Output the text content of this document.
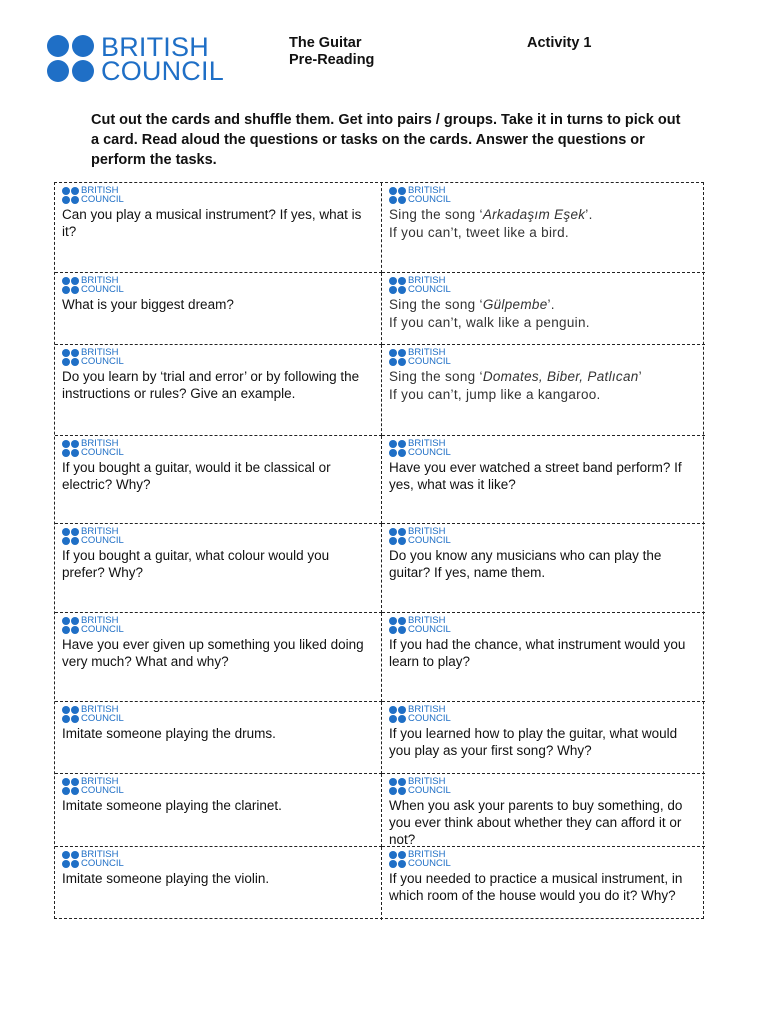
BRITISH
COUNCIL
The Guitar
Pre-Reading
Activity 1
Cut out the cards and shuffle them. Get into pairs / groups. Take it in turns to pick out a card. Read aloud the questions or tasks on the cards. Answer the questions or perform the tasks.
BRITISH
COUNCIL
Can you play a musical instrument? If yes, what is it?
BRITISH
COUNCIL
Sing the song ‘Arkadaşım Eşek’.
If you can’t, tweet like a bird.
BRITISH
COUNCIL
What is your biggest dream?
BRITISH
COUNCIL
Sing the song ‘Gülpembe’.
If you can’t, walk like a penguin.
BRITISH
COUNCIL
Do you learn by ‘trial and error’ or by following the instructions or rules? Give an example.
BRITISH
COUNCIL
Sing the song ‘Domates, Biber, Patlıcan’
If you can’t, jump like a kangaroo.
BRITISH
COUNCIL
If you bought a guitar, would it be classical or electric? Why?
BRITISH
COUNCIL
Have you ever watched a street band perform? If yes, what was it like?
BRITISH
COUNCIL
If you bought a guitar, what colour would you prefer? Why?
BRITISH
COUNCIL
Do you know any musicians who can play the guitar? If yes, name them.
BRITISH
COUNCIL
Have you ever given up something you liked doing very much? What and why?
BRITISH
COUNCIL
If you had the chance, what instrument would you learn to play?
BRITISH
COUNCIL
Imitate someone playing the drums.
BRITISH
COUNCIL
If you learned how to play the guitar, what would you play as your first song? Why?
BRITISH
COUNCIL
Imitate someone playing the clarinet.
BRITISH
COUNCIL
When you ask your parents to buy something, do you ever think about whether they can afford it or not?
BRITISH
COUNCIL
Imitate someone playing the violin.
BRITISH
COUNCIL
If you needed to practice a musical instrument, in which room of the house would you do it? Why?
